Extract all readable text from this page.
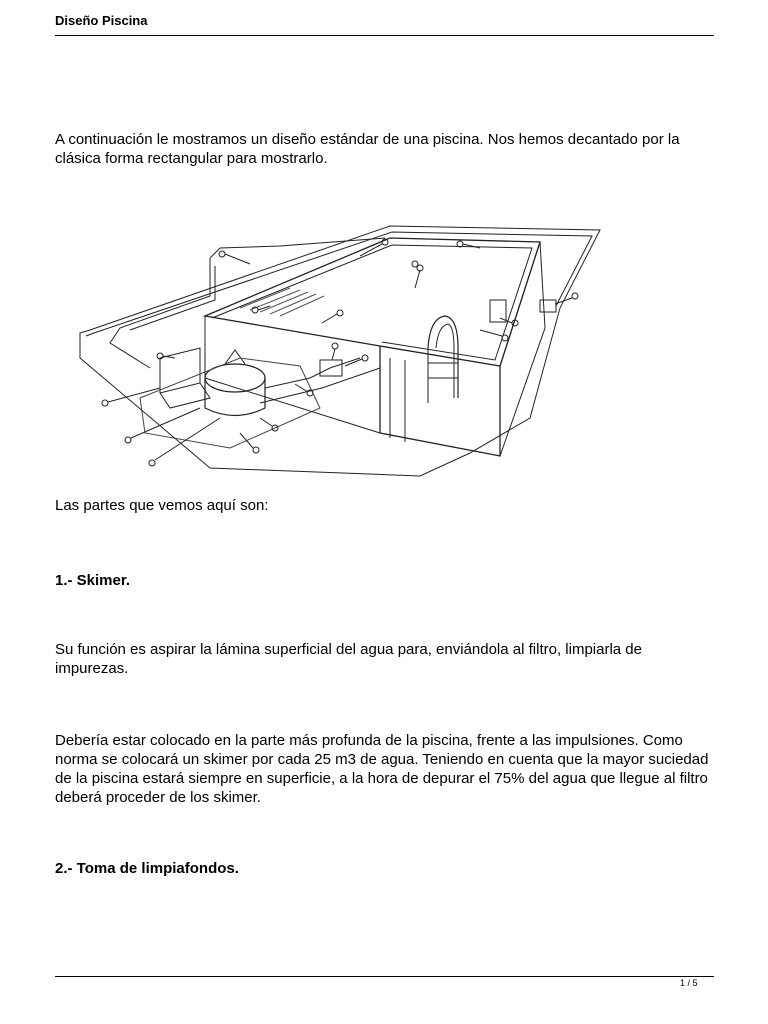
Diseño Piscina

A continuación le mostramos un diseño estándar de una piscina. Nos hemos decantado por la clásica forma rectangular para mostrarlo.

Las partes que vemos aquí son:

1.- Skimer.

Su función es aspirar la lámina superficial del agua para, enviándola al filtro, limpiarla de impurezas.

Debería estar colocado en la parte más profunda de la piscina, frente a las impulsiones. Como norma se colocará un skimer por cada 25 m3 de agua. Teniendo en cuenta que la mayor suciedad de la piscina estará siempre en superficie, a la hora de depurar el 75% del agua que llegue al filtro deberá proceder de los skimer.

2.- Toma de limpiafondos.

1 / 5
